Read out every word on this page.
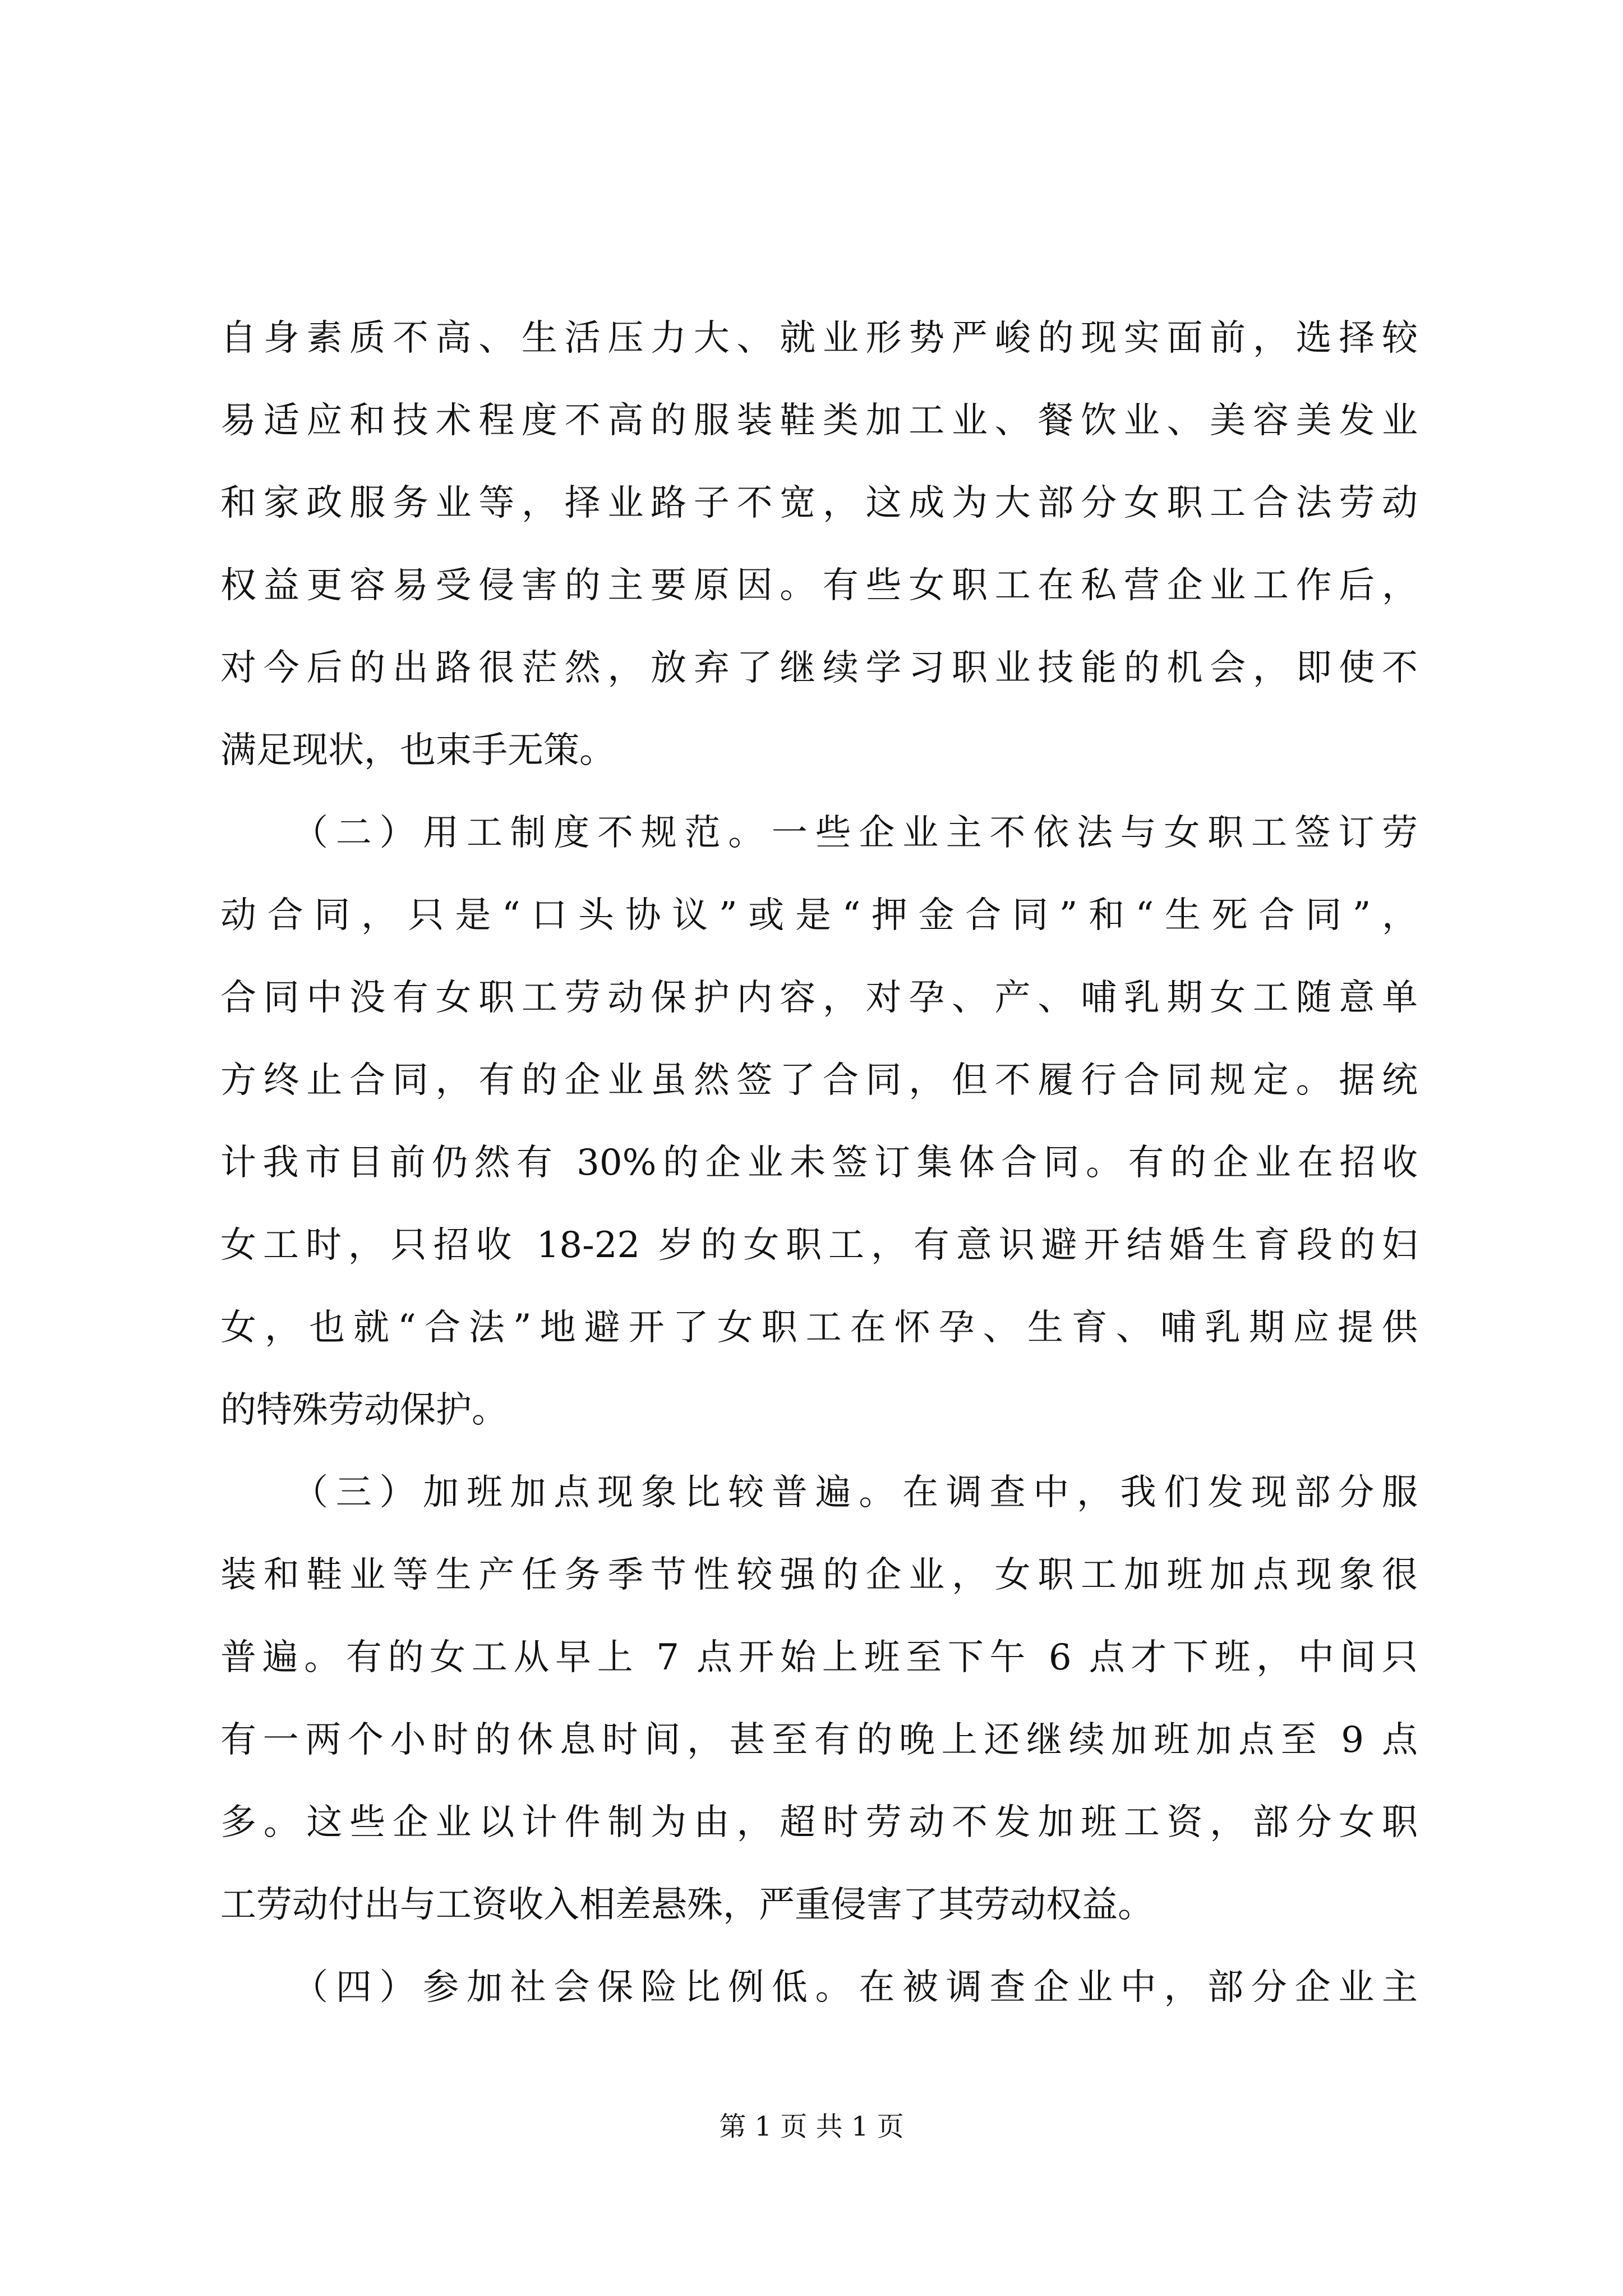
自身素质不高、生活压力大、就业形势严峻的现实面前，选择较
易适应和技术程度不高的服装鞋类加工业、餐饮业、美容美发业
和家政服务业等，择业路子不宽，这成为大部分女职工合法劳动
权益更容易受侵害的主要原因。有些女职工在私营企业工作后，
对今后的出路很茫然，放弃了继续学习职业技能的机会，即使不
满足现状，也束手无策。
（二）用工制度不规范。一些企业主不依法与女职工签订劳
动合同，只是“口头协议”或是“押金合同”和“生死合同”，
合同中没有女职工劳动保护内容，对孕、产、哺乳期女工随意单
方终止合同，有的企业虽然签了合同，但不履行合同规定。据统
计我市目前仍然有 30%的企业未签订集体合同。有的企业在招收
女工时，只招收 18-22 岁的女职工，有意识避开结婚生育段的妇
女，也就“合法”地避开了女职工在怀孕、生育、哺乳期应提供
的特殊劳动保护。
（三）加班加点现象比较普遍。在调查中，我们发现部分服
装和鞋业等生产任务季节性较强的企业，女职工加班加点现象很
普遍。有的女工从早上 7 点开始上班至下午 6 点才下班，中间只
有一两个小时的休息时间，甚至有的晚上还继续加班加点至 9 点
多。这些企业以计件制为由，超时劳动不发加班工资，部分女职
工劳动付出与工资收入相差悬殊，严重侵害了其劳动权益。
（四）参加社会保险比例低。在被调查企业中，部分企业主
第 1 页 共 1 页
